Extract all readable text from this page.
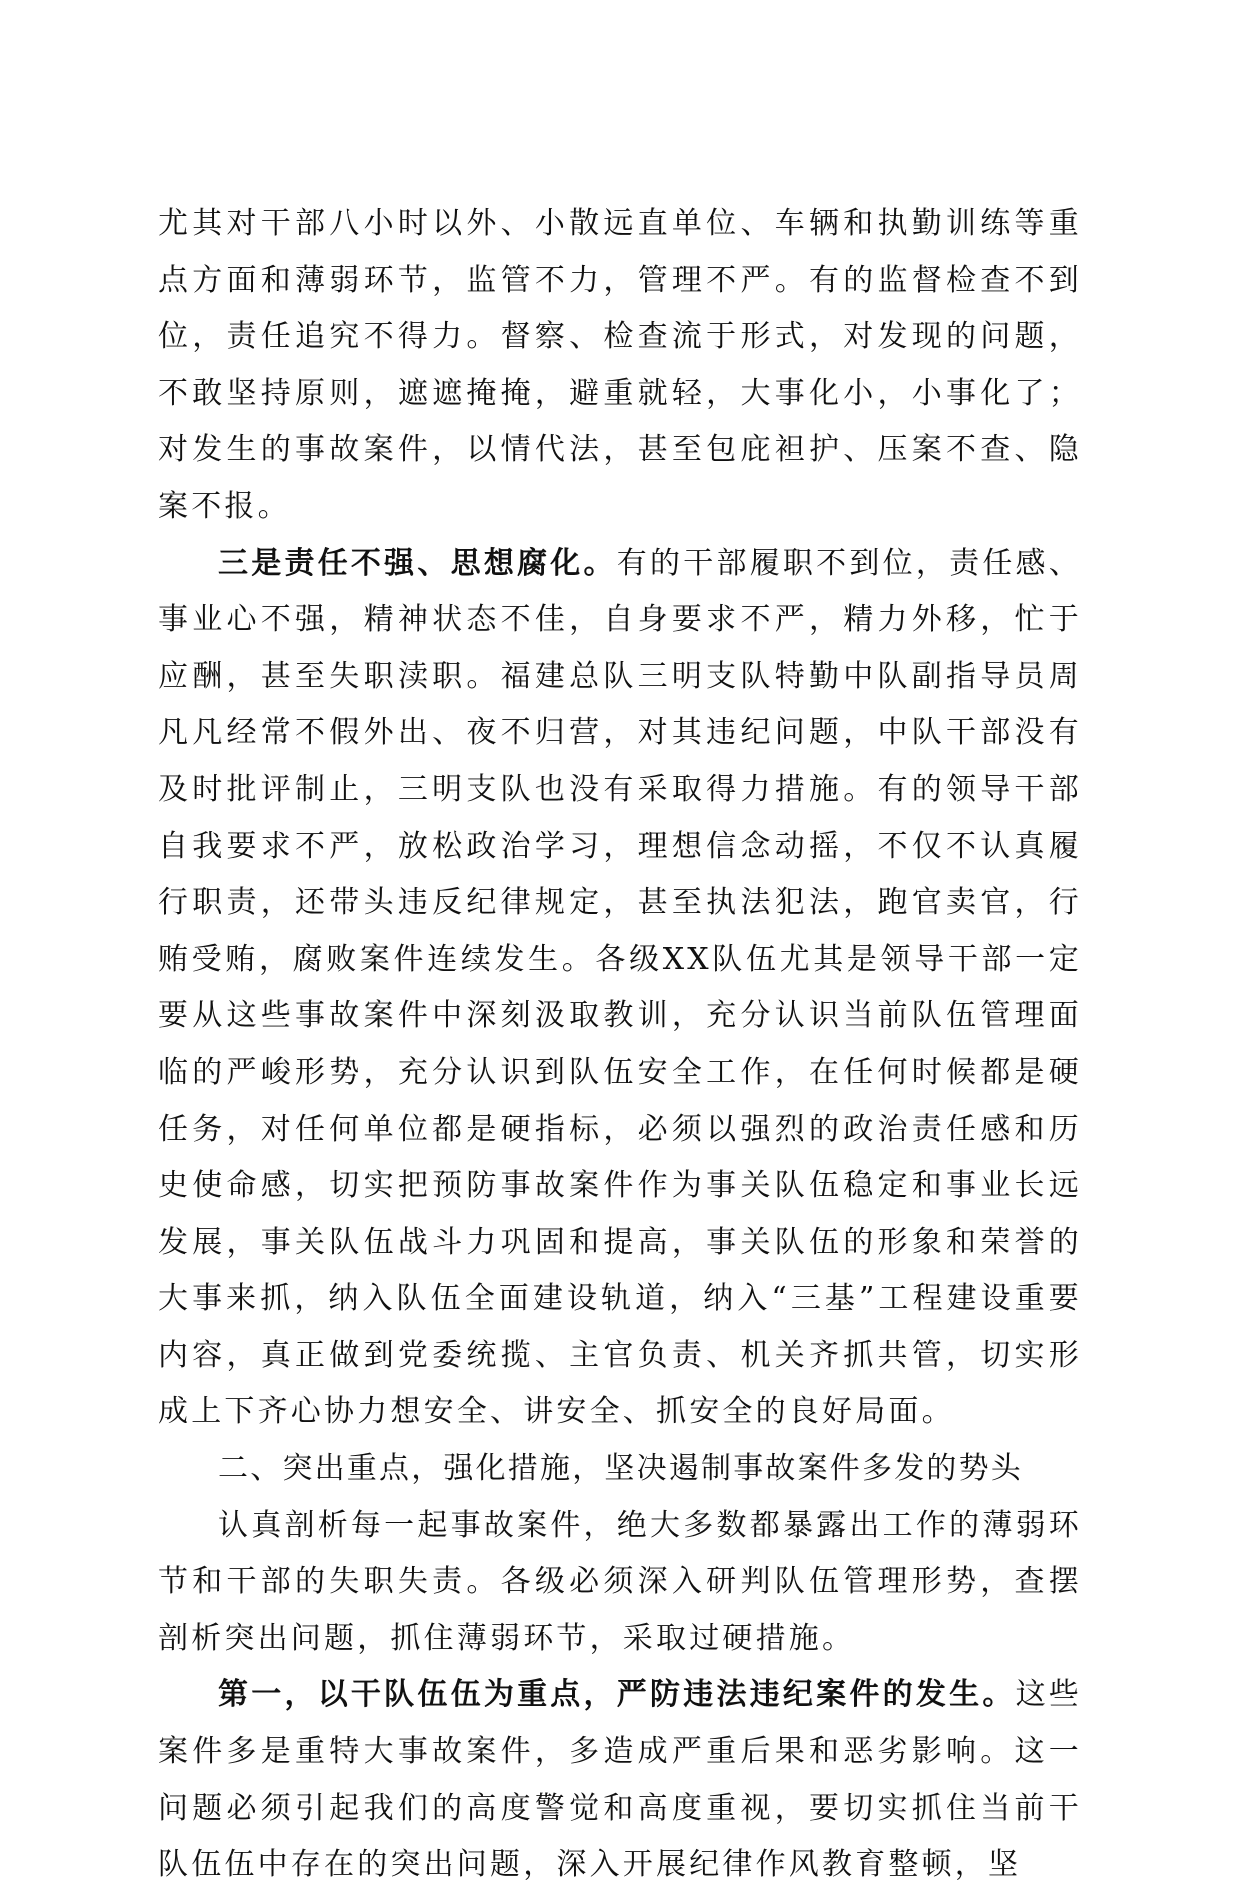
尤其对干部八小时以外、小散远直单位、车辆和执勤训练等重点方面和薄弱环节，监管不力，管理不严。有的监督检查不到位，责任追究不得力。督察、检查流于形式，对发现的问题，不敢坚持原则，遮遮掩掩，避重就轻，大事化小，小事化了；对发生的事故案件，以情代法，甚至包庇袒护、压案不查、隐案不报。

三是责任不强、思想腐化。有的干部履职不到位，责任感、事业心不强，精神状态不佳，自身要求不严，精力外移，忙于应酬，甚至失职渎职。福建总队三明支队特勤中队副指导员周凡凡经常不假外出、夜不归营，对其违纪问题，中队干部没有及时批评制止，三明支队也没有采取得力措施。有的领导干部自我要求不严，放松政治学习，理想信念动摇，不仅不认真履行职责，还带头违反纪律规定，甚至执法犯法，跑官卖官，行贿受贿，腐败案件连续发生。各级XX队伍尤其是领导干部一定要从这些事故案件中深刻汲取教训，充分认识当前队伍管理面临的严峻形势，充分认识到队伍安全工作，在任何时候都是硬任务，对任何单位都是硬指标，必须以强烈的政治责任感和历史使命感，切实把预防事故案件作为事关队伍稳定和事业长远发展，事关队伍战斗力巩固和提高，事关队伍的形象和荣誉的大事来抓，纳入队伍全面建设轨道，纳入“三基”工程建设重要内容，真正做到党委统揽、主官负责、机关齐抓共管，切实形成上下齐心协力想安全、讲安全、抓安全的良好局面。

二、突出重点，强化措施，坚决遏制事故案件多发的势头

认真剖析每一起事故案件，绝大多数都暴露出工作的薄弱环节和干部的失职失责。各级必须深入研判队伍管理形势，查摆剖析突出问题，抓住薄弱环节，采取过硬措施。

第一，以干队伍伍为重点，严防违法违纪案件的发生。这些案件多是重特大事故案件，多造成严重后果和恶劣影响。这一问题必须引起我们的高度警觉和高度重视，要切实抓住当前干队伍伍中存在的突出问题，深入开展纪律作风教育整顿，坚
